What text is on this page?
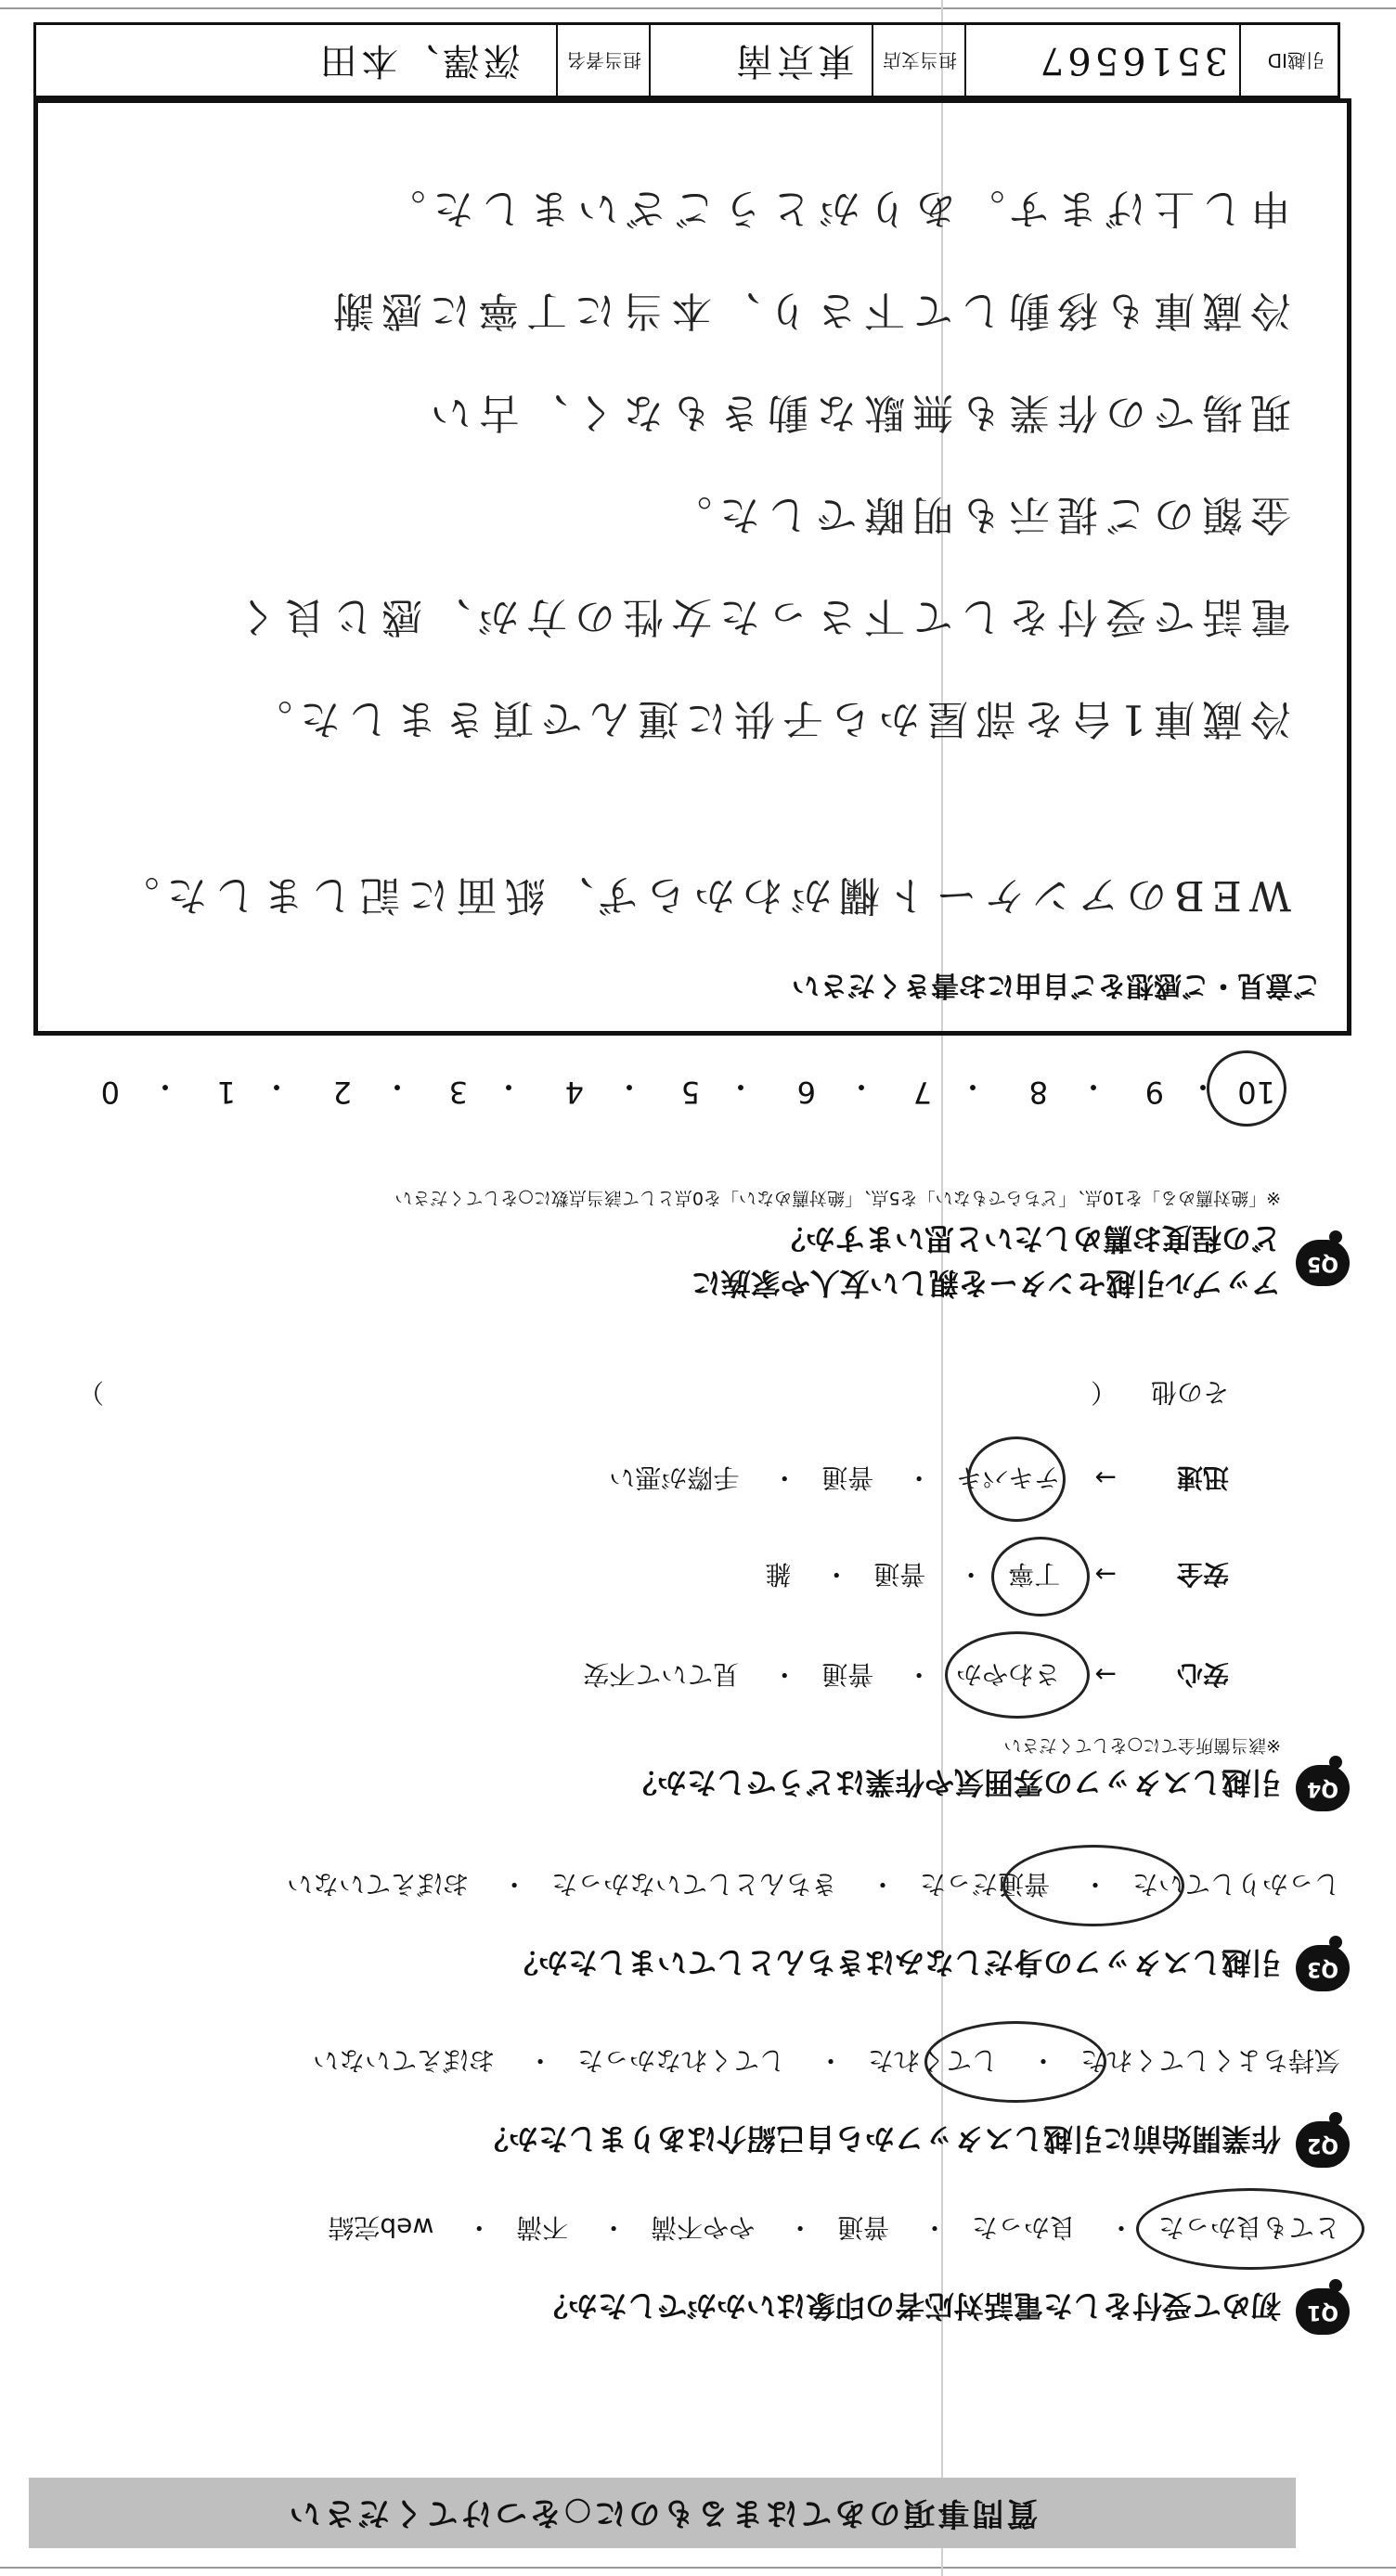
質問事項のあてはまるものに○をつけてください
Q1
初めて受付をした電話対応者の印象はいかがでしたか？
とても良かった・ 良かった・ 普通・ やや不満・ 不満・ web完結
Q2
作業開始前に引越しスタッフから自己紹介はありましたか？
気持ちよくしてくれた・ してくれた・ してくれなかった・ おぼえていない
Q3
引越しスタッフの身だしなみはきちんとしていましたか？
しっかりしていた・ 普通だった・ きちんとしていなかった・ おぼえていない
Q4
引越しスタッフの雰囲気や作業はどうでしたか？
※該当箇所全てに○をしてください
安心 → さわやか・ 普通・ 見ていて不安
安全 → 丁寧・ 普通・ 雑
迅速 → テキパキ・ 普通・ 手際が悪い
その他 （
）
Q5
アップル引越センターを親しい友人や家族に
どの程度お薦めしたいと思いますか？
※「絶対薦める」を10点、「どちらでもない」を5点、「絶対薦めない」を0点として該当点数に○をしてください
10
・
9
・
8
・
7
・
6
・
5
・
4
・
3
・
2
・
1
・
0
ご意見・ご感想をご自由にお書きください
WEBのアンケート欄がわからず、紙面に記しました。
冷蔵庫1台を部屋から子供に運んで頂きました。
電話で受付をして下さった女性の方が、感じ良く
金額のご提示も明瞭でした。
現場での作業も無駄な動きもなく、古い
冷蔵庫も移動して下さり、本当に丁寧に感謝
申し上げます。ありがとうございました。
引越ID
3516567
担当支店
東京南
担当者名
深澤、本田
